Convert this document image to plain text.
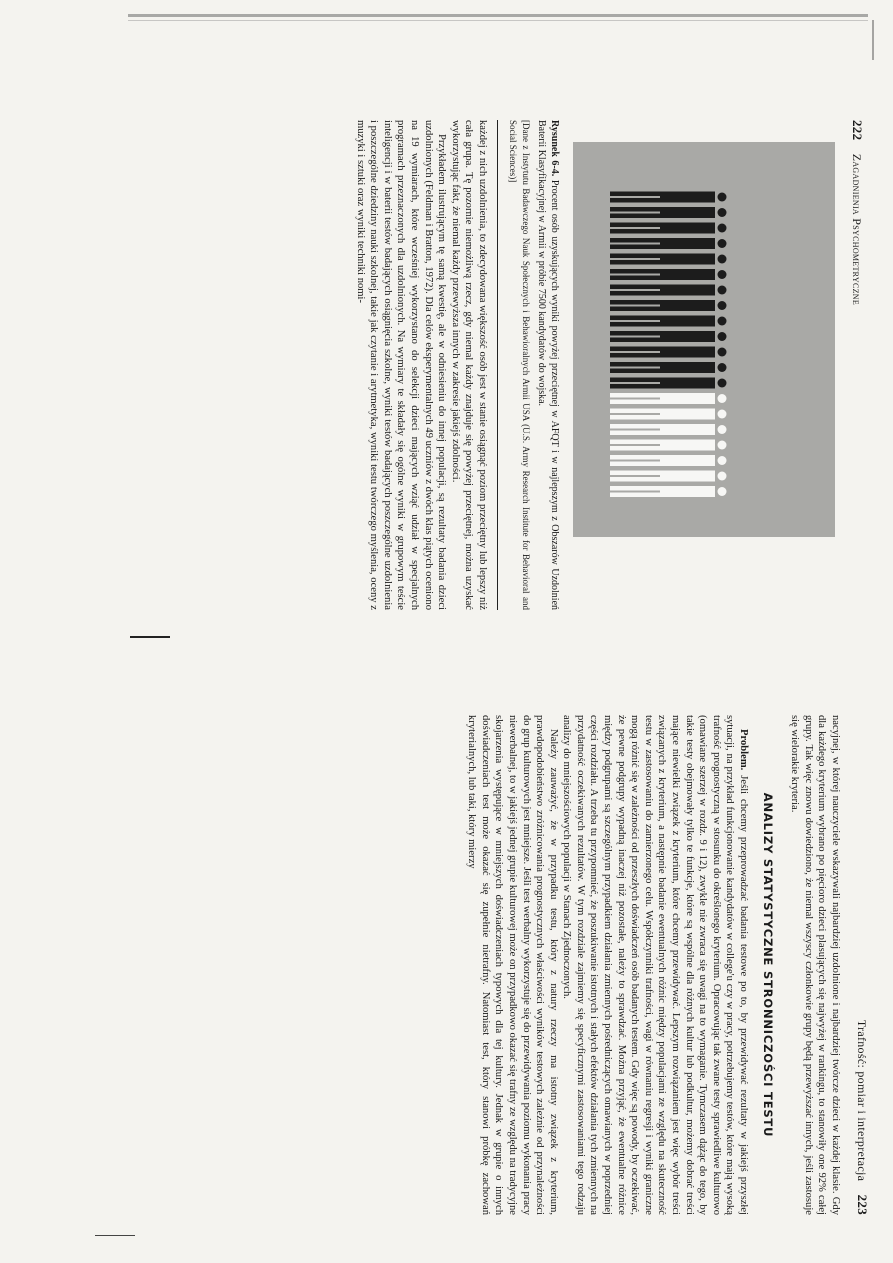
222 Zagadnienia Psychometryczne
Rysunek 6-4. Procent osób uzyskujących wyniki powyżej przeciętnej w AFQT i w najlepszym z Obszarów Uzdolnień Baterii Klasyfikacyjnej w Armii w próbie 7500 kandydatów do wojska.
[Dane z Instytutu Badawczego Nauk Społecznych i Behawioralnych Armii USA (U.S. Army Research Institute for Behavioral and Social Sciences)]

każdej z nich uzdolnienia, to zdecydowana większość osób jest w stanie osiągnąć poziom przeciętny lub lepszy niż cała grupa. Tę pozornie niemożliwą rzecz, gdy niemal każdy znajduje się powyżej przeciętnej, można uzyskać wykorzystując fakt, że niemal każdy przewyższa innych w zakresie jakiejś zdolności.

Przykładem ilustrującym tę samą kwestię, ale w odniesieniu do innej populacji, są rezultaty badania dzieci uzdolnionych (Feldman i Bratton, 1972). Dla celów eksperymentalnych 49 uczniów z dwóch klas piątych oceniono na 19 wymiarach, które wcześniej wykorzystano do selekcji dzieci mających wziąć udział w specjalnych programach przeznaczonych dla uzdolnionych. Na wymiary te składały się ogólne wyniki w grupowym teście inteligencji i w baterii testów badających osiągnięcia szkolne, wyniki testów badających poszczególne uzdolnienia i poszczególne dziedziny nauki szkolnej, takie jak czytanie i arytmetyka, wyniki testu twórczego myślenia, oceny z muzyki i sztuki oraz wyniki techniki nomi-

Trafność: pomiar i interpretacja 223

nacyjnej, w której nauczyciele wskazywali najbardziej uzdolnione i najbardziej twórcze dzieci w każdej klasie. Gdy dla każdego kryterium wybrano po pięcioro dzieci plasujących się najwyżej w rankingu, to stanowiły one 92% całej grupy. Tak więc znowu dowiedziono, że niemal wszyscy członkowie grupy będą przewyższać innych, jeśli zastosuje się wielorakie kryteria.

ANALIZY STATYSTYCZNE STRONNICZOŚCI TESTU

Problem. Jeśli chcemy przeprowadzać badania testowe po to, by przewidywać rezultaty w jakiejś przyszłej sytuacji, na przykład funkcjonowanie kandydatów w college'u czy w pracy, potrzebujemy testów, które mają wysoką trafność prognostyczną w stosunku do określonego kryterium. Opracowując tak zwane testy sprawiedliwe kulturowo (omawiane szerzej w rozdz. 9 i 12), zwykle nie zwraca się uwagi na to wymaganie. Tymczasem dążąc do tego, by takie testy obejmowały tylko te funkcje, które są wspólne dla różnych kultur lub podkultur, możemy dobrać treści mające niewielki związek z kryterium, które chcemy przewidywać. Lepszym rozwiązaniem jest więc wybór treści związanych z kryterium, a następnie badanie ewentualnych różnic między populacjami ze względu na skuteczność testu w zastosowaniu do zamierzonego celu. Współczynniki trafności, wagi w równaniu regresji i wyniki graniczne mogą różnić się w zależności od przeszłych doświadczeń osób badanych testem. Gdy więc są powody, by oczekiwać, że pewne podgrupy wypadną inaczej niż pozostałe, należy to sprawdzać. Można przyjąć, że ewentualne różnice między podgrupami są szczególnym przypadkiem działania zmiennych pośredniczących omawianych w poprzedniej części rozdziału. A trzeba tu przypomnieć, że poszukiwanie istotnych i stałych efektów działania tych zmiennych na przydatność oczekiwanych rezultatów. W tym rozdziale zajmiemy się specyficznymi zastosowaniami tego rodzaju analizy do mniejszościowych populacji w Stanach Zjednoczonych.

Należy zauważyć, że w przypadku testu, który z natury rzeczy ma istotny związek z kryterium, prawdopodobieństwo zróżnicowania prognostycznych właściwości wyników testowych zależnie od przynależności do grup kulturowych jest mniejsze. Jeśli test werbalny wykorzystuje się do przewidywania poziomu wykonania pracy niewerbalnej, to w jakiejś jednej grupie kulturowej może on przypadkowo okazać się trafny ze względu na tradycyjne skojarzenia występujące w mniejszych doświadczeniach typowych dla tej kultury. Jednak w grupie o innych doświadczeniach test może okazać się zupełnie nietrafny. Natomiast test, który stanowi próbkę zachowań kryterialnych, lub taki, który mierzy
